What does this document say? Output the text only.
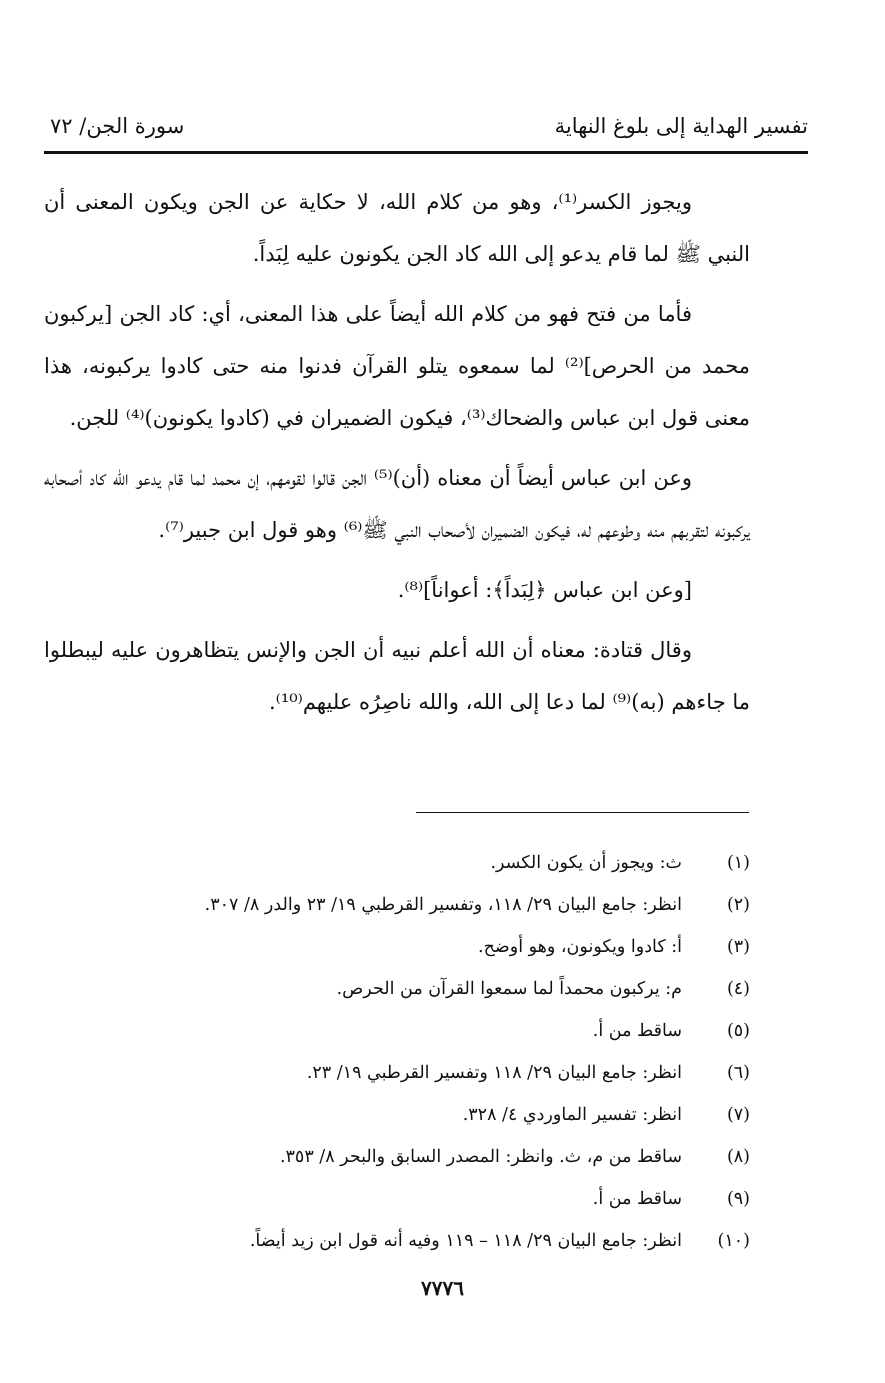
تفسير الهداية إلى بلوغ النهاية
سورة الجن/ ٧٢

ويجوز الكسر⁽¹⁾، وهو من كلام الله، لا حكاية عن الجن ويكون المعنى أن النبي ﷺ لما قام يدعو إلى الله كاد الجن يكونون عليه لِبَداً.

فأما من فتح فهو من كلام الله أيضاً على هذا المعنى، أي: كاد الجن [يركبون محمد من الحرص]⁽²⁾ لما سمعوه يتلو القرآن فدنوا منه حتى كادوا يركبونه، هذا معنى قول ابن عباس والضحاك⁽³⁾، فيكون الضميران في (كادوا يكونون)⁽⁴⁾ للجن.

وعن ابن عباس أيضاً أن معناه (أن)⁽⁵⁾ الجن قالوا لقومهم، إن محمد لما قام يدعو الله كاد أصحابه يركبونه لتقربهم منه وطوعهم له، فيكون الضميران لأصحاب النبي ﷺ⁽⁶⁾ وهو قول ابن جبير⁽⁷⁾.

[وعن ابن عباس ﴿لِبَداً﴾: أعواناً]⁽⁸⁾.

وقال قتادة: معناه أن الله أعلم نبيه أن الجن والإنس يتظاهرون عليه ليبطلوا ما جاءهم (به)⁽⁹⁾ لما دعا إلى الله، والله ناصِرُه عليهم⁽¹⁰⁾.

(١)
ث: ويجوز أن يكون الكسر.
(٢)
انظر: جامع البيان ٢٩/ ١١٨، وتفسير القرطبي ١٩/ ٢٣ والدر ٨/ ٣٠٧.
(٣)
أ: كادوا ويكونون، وهو أوضح.
(٤)
م: يركبون محمداً لما سمعوا القرآن من الحرص.
(٥)
ساقط من أ.
(٦)
انظر: جامع البيان ٢٩/ ١١٨ وتفسير القرطبي ١٩/ ٢٣.
(٧)
انظر: تفسير الماوردي ٤/ ٣٢٨.
(٨)
ساقط من م، ث. وانظر: المصدر السابق والبحر ٨/ ٣٥٣.
(٩)
ساقط من أ.
(١٠)
انظر: جامع البيان ٢٩/ ١١٨ – ١١٩ وفيه أنه قول ابن زيد أيضاً.
٧٧٧٦
